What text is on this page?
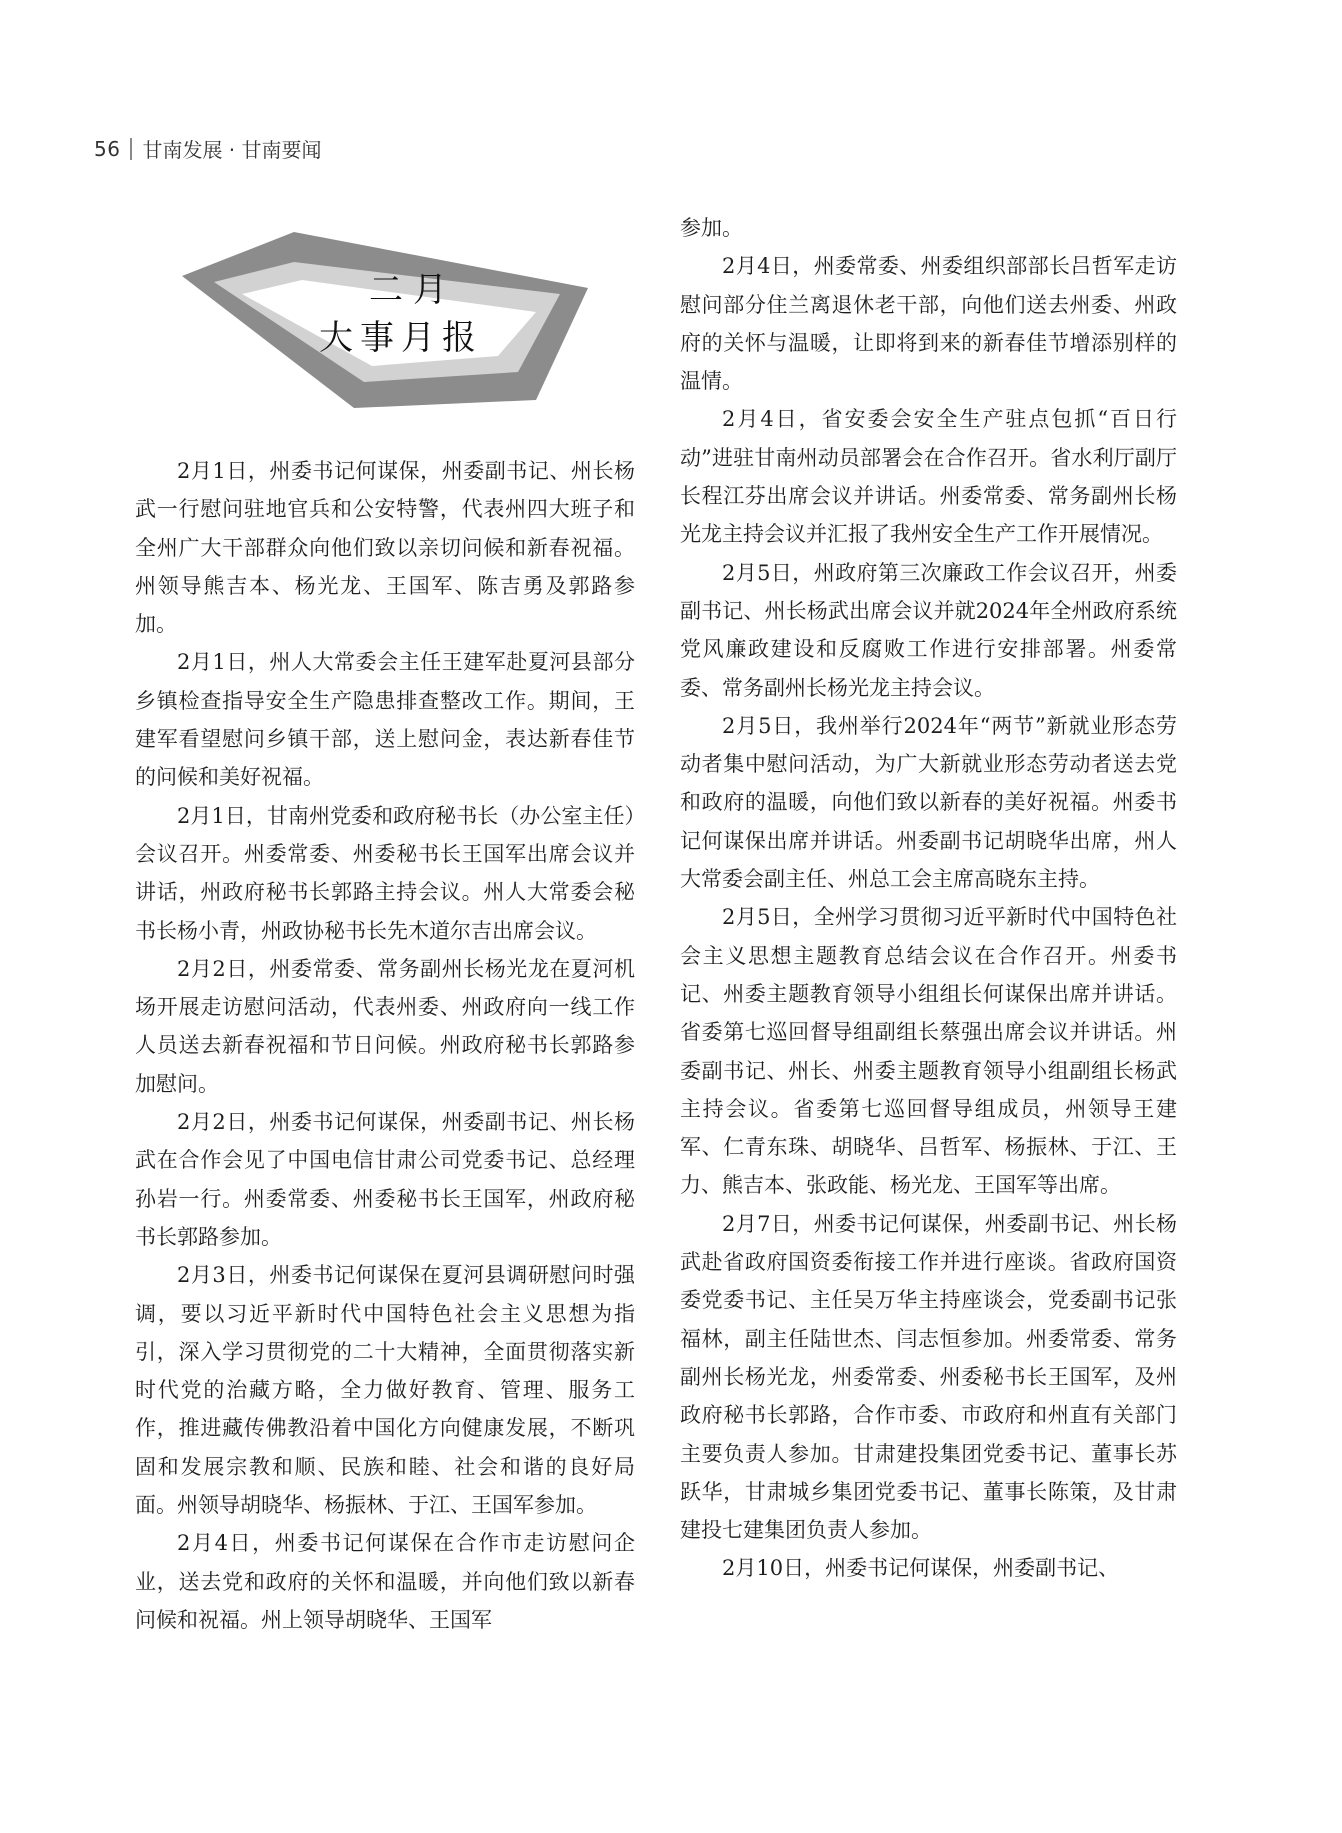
56 甘南发展 · 甘南要闻
二月
大事月报

2月1日，州委书记何谋保，州委副书记、州长杨武一行慰问驻地官兵和公安特警，代表州四大班子和全州广大干部群众向他们致以亲切问候和新春祝福。州领导熊吉本、杨光龙、王国军、陈吉勇及郭路参加。

2月1日，州人大常委会主任王建军赴夏河县部分乡镇检查指导安全生产隐患排查整改工作。期间，王建军看望慰问乡镇干部，送上慰问金，表达新春佳节的问候和美好祝福。

2月1日，甘南州党委和政府秘书长（办公室主任）会议召开。州委常委、州委秘书长王国军出席会议并讲话，州政府秘书长郭路主持会议。州人大常委会秘书长杨小青，州政协秘书长先木道尔吉出席会议。

2月2日，州委常委、常务副州长杨光龙在夏河机场开展走访慰问活动，代表州委、州政府向一线工作人员送去新春祝福和节日问候。州政府秘书长郭路参加慰问。

2月2日，州委书记何谋保，州委副书记、州长杨武在合作会见了中国电信甘肃公司党委书记、总经理孙岩一行。州委常委、州委秘书长王国军，州政府秘书长郭路参加。

2月3日，州委书记何谋保在夏河县调研慰问时强调，要以习近平新时代中国特色社会主义思想为指引，深入学习贯彻党的二十大精神，全面贯彻落实新时代党的治藏方略，全力做好教育、管理、服务工作，推进藏传佛教沿着中国化方向健康发展，不断巩固和发展宗教和顺、民族和睦、社会和谐的良好局面。州领导胡晓华、杨振林、于江、王国军参加。

2月4日，州委书记何谋保在合作市走访慰问企业，送去党和政府的关怀和温暖，并向他们致以新春问候和祝福。州上领导胡晓华、王国军

参加。

2月4日，州委常委、州委组织部部长吕哲军走访慰问部分住兰离退休老干部，向他们送去州委、州政府的关怀与温暖，让即将到来的新春佳节增添别样的温情。

2月4日，省安委会安全生产驻点包抓“百日行动”进驻甘南州动员部署会在合作召开。省水利厅副厅长程江芬出席会议并讲话。州委常委、常务副州长杨光龙主持会议并汇报了我州安全生产工作开展情况。

2月5日，州政府第三次廉政工作会议召开，州委副书记、州长杨武出席会议并就2024年全州政府系统党风廉政建设和反腐败工作进行安排部署。州委常委、常务副州长杨光龙主持会议。

2月5日，我州举行2024年“两节”新就业形态劳动者集中慰问活动，为广大新就业形态劳动者送去党和政府的温暖，向他们致以新春的美好祝福。州委书记何谋保出席并讲话。州委副书记胡晓华出席，州人大常委会副主任、州总工会主席高晓东主持。

2月5日，全州学习贯彻习近平新时代中国特色社会主义思想主题教育总结会议在合作召开。州委书记、州委主题教育领导小组组长何谋保出席并讲话。省委第七巡回督导组副组长蔡强出席会议并讲话。州委副书记、州长、州委主题教育领导小组副组长杨武主持会议。省委第七巡回督导组成员，州领导王建军、仁青东珠、胡晓华、吕哲军、杨振林、于江、王力、熊吉本、张政能、杨光龙、王国军等出席。

2月7日，州委书记何谋保，州委副书记、州长杨武赴省政府国资委衔接工作并进行座谈。省政府国资委党委书记、主任吴万华主持座谈会，党委副书记张福林，副主任陆世杰、闫志恒参加。州委常委、常务副州长杨光龙，州委常委、州委秘书长王国军，及州政府秘书长郭路，合作市委、市政府和州直有关部门主要负责人参加。甘肃建投集团党委书记、董事长苏跃华，甘肃城乡集团党委书记、董事长陈策，及甘肃建投七建集团负责人参加。

2月10日，州委书记何谋保，州委副书记、
